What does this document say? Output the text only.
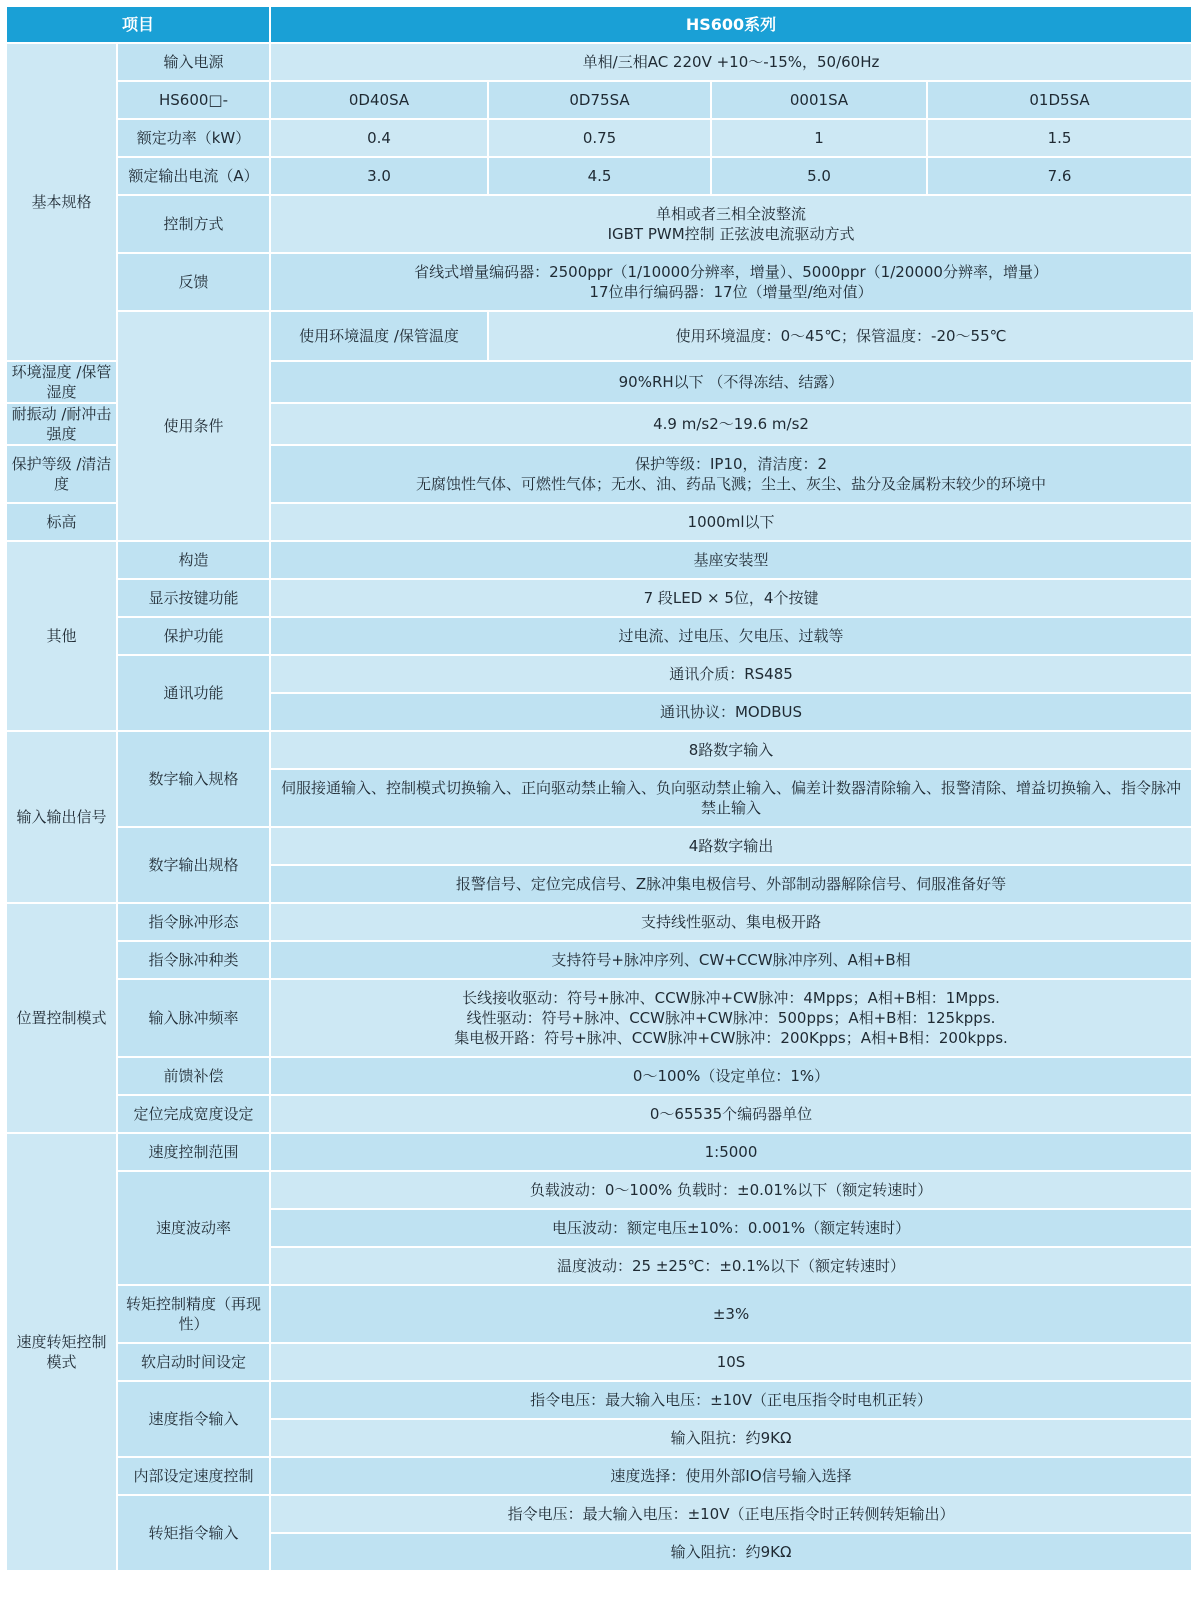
项目		HS600系列			
基本规格	输入电源	单相/三相AC 220V +10～-15%，50/60Hz			
	HS600□-	0D40SA	0D75SA	0001SA	01D5SA
	额定功率（kW）	0.4	0.75	1	1.5
	额定输出电流（A）	3.0	4.5	5.0	7.6
	控制方式	单相或者三相全波整流
IGBT PWM控制 正弦波电流驱动方式			

	反馈	省线式增量编码器：2500ppr（1/10000分辨率，增量）、5000ppr（1/20000分辨率，增量）
17位串行编码器：17位（增量型/绝对值）			

	使用条件	使用环境温度 /保管温度	使用环境温度：0～45℃；保管温度：-20～55℃		
环境湿度 /保管湿度		90%RH以下 （不得冻结、结露）			
耐振动 /耐冲击强度		4.9 m/s2～19.6 m/s2			
保护等级 /清洁度		保护等级：IP10，清洁度：2
无腐蚀性气体、可燃性气体；无水、油、药品飞溅；尘土、灰尘、盐分及金属粉末较少的环境中			

标高		1000ml以下			
其他	构造	基座安装型			
	显示按键功能	7 段LED × 5位，4个按键			
	保护功能	过电流、过电压、欠电压、过载等			
	通讯功能	通讯介质：RS485			
		通讯协议：MODBUS			
输入输出信号	数字输入规格	8路数字输入			
		伺服接通输入、控制模式切换输入、正向驱动禁止输入、负向驱动禁止输入、偏差计数器清除输入、报警清除、增益切换输入、指令脉冲禁止输入			
	数字输出规格	4路数字输出			
		报警信号、定位完成信号、Z脉冲集电极信号、外部制动器解除信号、伺服准备好等			
位置控制模式	指令脉冲形态	支持线性驱动、集电极开路			
	指令脉冲种类	支持符号+脉冲序列、CW+CCW脉冲序列、A相+B相			
	输入脉冲频率	长线接收驱动：符号+脉冲、CCW脉冲+CW脉冲：4Mpps；A相+B相：1Mpps.
线性驱动：符号+脉冲、CCW脉冲+CW脉冲：500pps；A相+B相：125kpps.
集电极开路：符号+脉冲、CCW脉冲+CW脉冲：200Kpps；A相+B相：200kpps.			

	前馈补偿	0～100%（设定单位：1%）			
	定位完成宽度设定	0～65535个编码器单位			
速度转矩控制模式	速度控制范围	1:5000			
	速度波动率	负载波动：0～100% 负载时：±0.01%以下（额定转速时）			
		电压波动：额定电压±10%：0.001%（额定转速时）			
		温度波动：25 ±25℃：±0.1%以下（额定转速时）			
	转矩控制精度（再现性）	±3%			
	软启动时间设定	10S			
	速度指令输入	指令电压：最大输入电压：±10V（正电压指令时电机正转）			
		输入阻抗：约9KΩ			
	内部设定速度控制	速度选择：使用外部IO信号输入选择			
	转矩指令输入	指令电压：最大输入电压：±10V（正电压指令时正转侧转矩输出）			
		输入阻抗：约9KΩ			
